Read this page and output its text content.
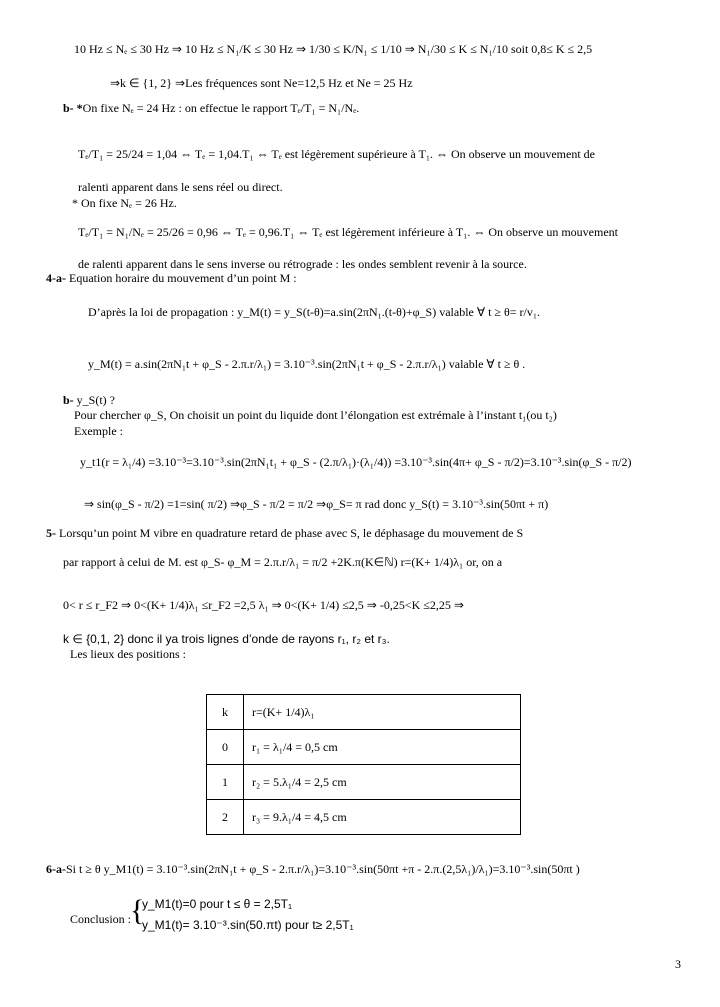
10 Hz ≤ Nₑ ≤ 30 Hz ⇒ 10 Hz ≤ N₁/K ≤ 30 Hz ⇒ 1/30 ≤ K/N₁ ≤ 1/10 ⇒ N₁/30 ≤ K ≤ N₁/10 soit 0,8≤ K ≤ 2,5
⇒k ∈ {1, 2} ⇒Les fréquences sont Ne=12,5 Hz et Ne = 25 Hz
b- *On fixe Nₑ = 24 Hz : on effectue le rapport Tₑ/T₁ = N₁/Nₑ.
Tₑ/T₁ = 25/24 = 1,04 ⇔ Tₑ = 1,04.T₁ ⇔ Tₑ est légèrement supérieure à T₁. ⇔ On observe un mouvement de
ralenti apparent dans le sens réel ou direct.
* On fixe Nₑ = 26 Hz.
Tₑ/T₁ = N₁/Nₑ = 25/26 = 0,96 ⇔ Tₑ = 0,96.T₁ ⇔ Tₑ est légèrement inférieure à T₁. ⇔ On observe un mouvement
de ralenti apparent dans le sens inverse ou rétrograde : les ondes semblent revenir à la source.
4-a- Equation horaire du mouvement d’un point M :
D’après la loi de propagation : y_M(t) = y_S(t-θ)=a.sin(2πN₁.(t-θ)+φ_S) valable ∀ t ≥ θ= r/v₁.
y_M(t) = a.sin(2πN₁t + φ_S - 2.π.r/λ₁) = 3.10⁻³.sin(2πN₁t + φ_S - 2.π.r/λ₁) valable ∀ t ≥ θ .
b- y_S(t) ?
Pour chercher φ_S, On choisit un point du liquide dont l’élongation est extrémale à l’instant t₁(ou t₂)
Exemple :
y_t1(r = λ₁/4) =3.10⁻³=3.10⁻³.sin(2πN₁t₁ + φ_S - (2.π/λ₁)·(λ₁/4)) =3.10⁻³.sin(4π+ φ_S - π/2)=3.10⁻³.sin(φ_S - π/2)
⇒ sin(φ_S - π/2) =1=sin( π/2) ⇒φ_S - π/2 = π/2 ⇒φ_S= π rad donc y_S(t) = 3.10⁻³.sin(50πt + π)
5- Lorsqu’un point M vibre en quadrature retard de phase avec S, le déphasage du mouvement de S
par rapport à celui de M. est φ_S- φ_M = 2.π.r/λ₁ = π/2 +2K.π(K∈ℕ) r=(K+ 1/4)λ₁ or, on a
0< r ≤ r_F2 ⇒ 0<(K+ 1/4)λ₁ ≤r_F2 =2,5 λ₁ ⇒ 0<(K+ 1/4) ≤2,5 ⇒ -0,25<K ≤2,25 ⇒
k ∈ {0,1, 2} donc il ya trois lignes d’onde de rayons r₁, r₂ et r₃.
Les lieux des positions :
k	r=(K+ 1/4)λ₁
0	r₁ = λ₁/4 = 0,5 cm
1	r₂ = 5.λ₁/4 = 2,5 cm
2	r₃ = 9.λ₁/4 = 4,5 cm
6-a-Si t ≥ θ y_M1(t) = 3.10⁻³.sin(2πN₁t + φ_S - 2.π.r/λ₁)=3.10⁻³.sin(50πt +π - 2.π.(2,5λ₁)/λ₁)=3.10⁻³.sin(50πt )
Conclusion :
{
y_M1(t)=0 pour t ≤ θ = 2,5T₁
y_M1(t)= 3.10⁻³.sin(50.πt) pour t≥ 2,5T₁
3
